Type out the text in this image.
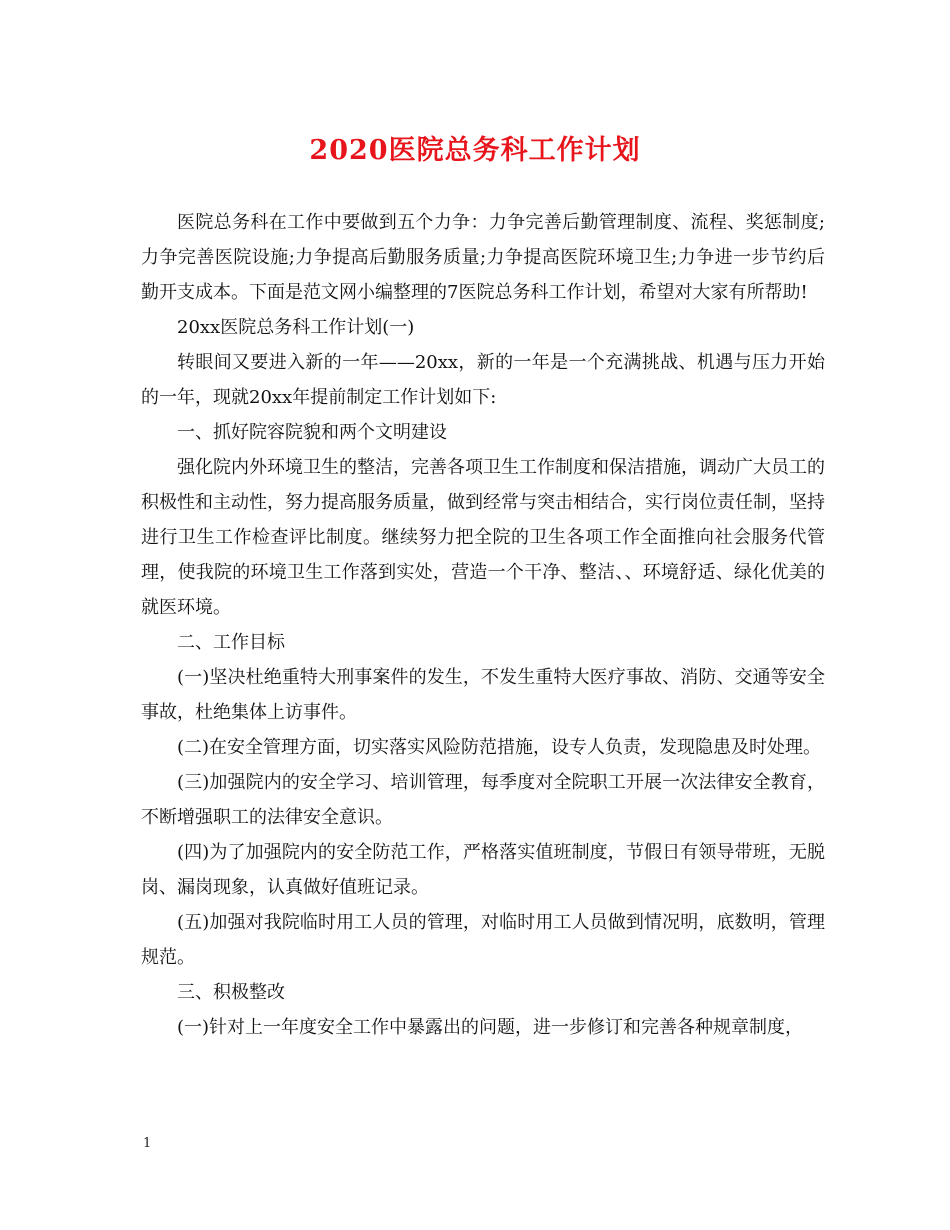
2020医院总务科工作计划

医院总务科在工作中要做到五个力争：力争完善后勤管理制度、流程、奖惩制度;力争完善医院设施;力争提高后勤服务质量;力争提高医院环境卫生;力争进一步节约后勤开支成本。下面是范文网小编整理的7医院总务科工作计划，希望对大家有所帮助!

20xx医院总务科工作计划(一)

转眼间又要进入新的一年——20xx，新的一年是一个充满挑战、机遇与压力开始的一年，现就20xx年提前制定工作计划如下:

一、抓好院容院貌和两个文明建设

强化院内外环境卫生的整洁，完善各项卫生工作制度和保洁措施，调动广大员工的积极性和主动性，努力提高服务质量，做到经常与突击相结合，实行岗位责任制，坚持进行卫生工作检查评比制度。继续努力把全院的卫生各项工作全面推向社会服务代管理，使我院的环境卫生工作落到实处，营造一个干净、整洁、、环境舒适、绿化优美的就医环境。

二、工作目标

(一)坚决杜绝重特大刑事案件的发生，不发生重特大医疗事故、消防、交通等安全事故，杜绝集体上访事件。

(二)在安全管理方面，切实落实风险防范措施，设专人负责，发现隐患及时处理。

(三)加强院内的安全学习、培训管理，每季度对全院职工开展一次法律安全教育，不断增强职工的法律安全意识。

(四)为了加强院内的安全防范工作，严格落实值班制度，节假日有领导带班，无脱岗、漏岗现象，认真做好值班记录。

(五)加强对我院临时用工人员的管理，对临时用工人员做到情况明，底数明，管理规范。

三、积极整改

(一)针对上一年度安全工作中暴露出的问题，进一步修订和完善各种规章制度，

1
